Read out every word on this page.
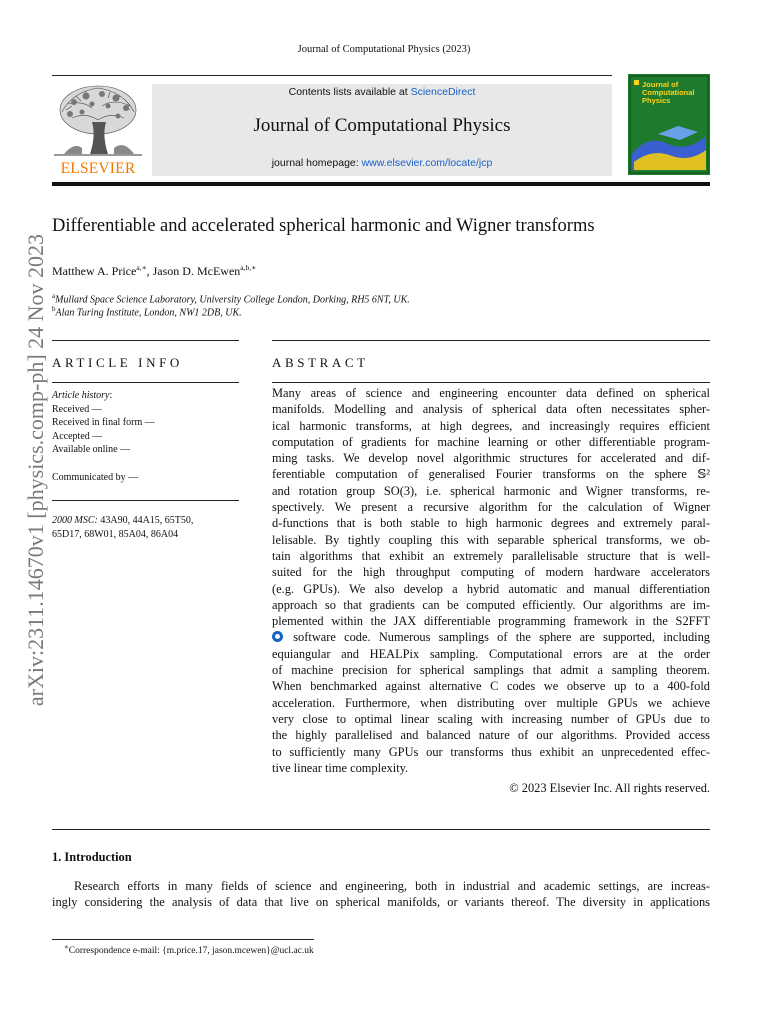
Journal of Computational Physics (2023)
ELSEVIER
Contents lists available at ScienceDirect
Journal of Computational Physics
journal homepage: www.elsevier.com/locate/jcp
Journal of
Computational
Physics
arXiv:2311.14670v1 [physics.comp-ph] 24 Nov 2023
Differentiable and accelerated spherical harmonic and Wigner transforms
Matthew A. Price$^{a,∗}$, Jason D. McEwen$^{a,b,∗}$
$^a$Mullard Space Science Laboratory, University College London, Dorking, RH5 6NT, UK.
$^b$Alan Turing Institute, London, NW1 2DB, UK.
ARTICLE INFO
Article history:
Received —
Received in final form —
Accepted —
Available online —
Communicated by —
2000 MSC: 43A90, 44A15, 65T50,
65D17, 68W01, 85A04, 86A04
ABSTRACT
Many areas of science and engineering encounter data defined on spherical
manifolds. Modelling and analysis of spherical data often necessitates spher-
ical harmonic transforms, at high degrees, and increasingly requires efficient
computation of gradients for machine learning or other differentiable program-
ming tasks. We develop novel algorithmic structures for accelerated and dif-
ferentiable computation of generalised Fourier transforms on the sphere 𝕊²
and rotation group SO(3), i.e. spherical harmonic and Wigner transforms, re-
spectively. We present a recursive algorithm for the calculation of Wigner
d-functions that is both stable to high harmonic degrees and extremely paral-
lelisable. By tightly coupling this with separable spherical transforms, we ob-
tain algorithms that exhibit an extremely parallelisable structure that is well-
suited for the high throughput computing of modern hardware accelerators
(e.g. GPUs). We also develop a hybrid automatic and manual differentiation
approach so that gradients can be computed efficiently. Our algorithms are im-
plemented within the JAX differentiable programming framework in the S2FFT
software code. Numerous samplings of the sphere are supported, including
equiangular and HEALPix sampling. Computational errors are at the order
of machine precision for spherical samplings that admit a sampling theorem.
When benchmarked against alternative C codes we observe up to a 400-fold
acceleration. Furthermore, when distributing over multiple GPUs we achieve
very close to optimal linear scaling with increasing number of GPUs due to
the highly parallelised and balanced nature of our algorithms. Provided access
to sufficiently many GPUs our transforms thus exhibit an unprecedented effec-
tive linear time complexity.
© 2023 Elsevier Inc. All rights reserved.
1. Introduction
Research efforts in many fields of science and engineering, both in industrial and academic settings, are increas-
ingly considering the analysis of data that live on spherical manifolds, or variants thereof. The diversity in applications
∗Correspondence e-mail: {m.price.17, jason.mcewen}@ucl.ac.uk
